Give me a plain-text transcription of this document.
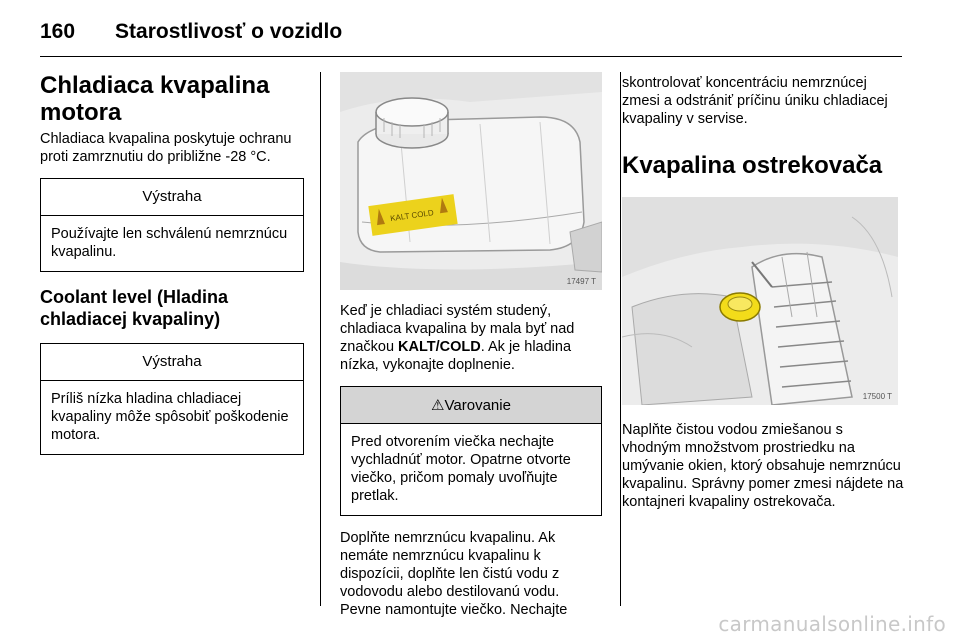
160 Starostlivosť o vozidlo
Chladiaca kvapalina motora

Chladiaca kvapalina poskytuje ochranu proti zamrznutiu do približne -28 °C.

Výstraha
Používajte len schválenú nemrznúcu kvapalinu.
Coolant level (Hladina chladiacej kvapaliny)
Výstraha
Príliš nízka hladina chladiacej kvapaliny môže spôsobiť poškodenie motora.
KALT COLD
17497 T

Keď je chladiaci systém studený, chladiaca kvapalina by mala byť nad značkou KALT/COLD. Ak je hladina nízka, vykonajte doplnenie.

⚠Varovanie
Pred otvorením viečka nechajte vychladnúť motor. Opatrne otvorte viečko, pričom pomaly uvoľňujte pretlak.

Doplňte nemrznúcu kvapalinu. Ak nemáte nemrznúcu kvapalinu k dispozícii, doplňte len čistú vodu z vodovodu alebo destilovanú vodu. Pevne namontujte viečko. Nechajte

skontrolovať koncentráciu nemrznúcej zmesi a odstrániť príčinu úniku chladiacej kvapaliny v servise.

Kvapalina ostrekovača
17500 T

Naplňte čistou vodou zmiešanou s vhodným množstvom prostriedku na umývanie okien, ktorý obsahuje nemrznúcu kvapalinu. Správny pomer zmesi nájdete na kontajneri kvapaliny ostrekovača.

carmanualsonline.info
